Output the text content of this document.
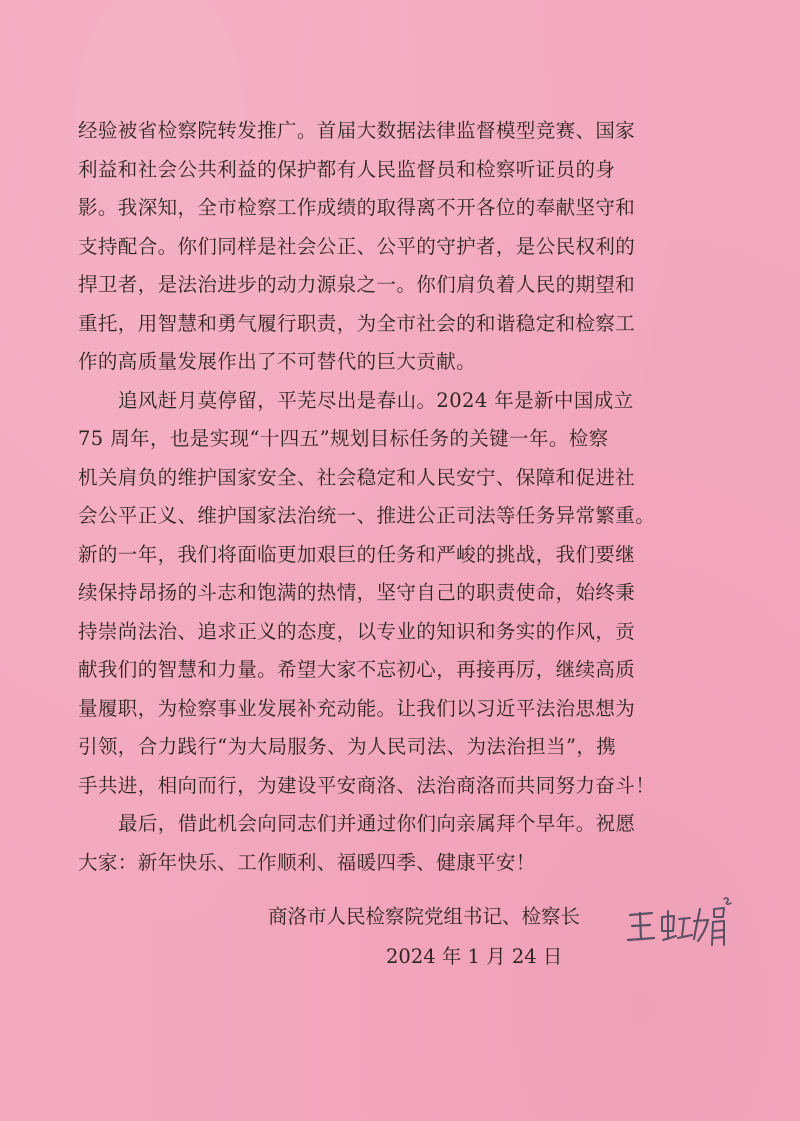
经验被省检察院转发推广。首届大数据法律监督模型竞赛、国家
利益和社会公共利益的保护都有人民监督员和检察听证员的身
影。我深知，全市检察工作成绩的取得离不开各位的奉献坚守和
支持配合。你们同样是社会公正、公平的守护者，是公民权利的
捍卫者，是法治进步的动力源泉之一。你们肩负着人民的期望和
重托，用智慧和勇气履行职责，为全市社会的和谐稳定和检察工
作的高质量发展作出了不可替代的巨大贡献。
追风赶月莫停留，平芜尽出是春山。2024 年是新中国成立
75 周年，也是实现“十四五”规划目标任务的关键一年。检察
机关肩负的维护国家安全、社会稳定和人民安宁、保障和促进社
会公平正义、维护国家法治统一、推进公正司法等任务异常繁重。
新的一年，我们将面临更加艰巨的任务和严峻的挑战，我们要继
续保持昂扬的斗志和饱满的热情，坚守自己的职责使命，始终秉
持崇尚法治、追求正义的态度，以专业的知识和务实的作风，贡
献我们的智慧和力量。希望大家不忘初心，再接再厉，继续高质
量履职，为检察事业发展补充动能。让我们以习近平法治思想为
引领，合力践行“为大局服务、为人民司法、为法治担当”，携
手共进，相向而行，为建设平安商洛、法治商洛而共同努力奋斗！
最后，借此机会向同志们并通过你们向亲属拜个早年。祝愿
大家：新年快乐、工作顺利、福暖四季、健康平安！
商洛市人民检察院党组书记、检察长
2024 年 1 月 24 日
